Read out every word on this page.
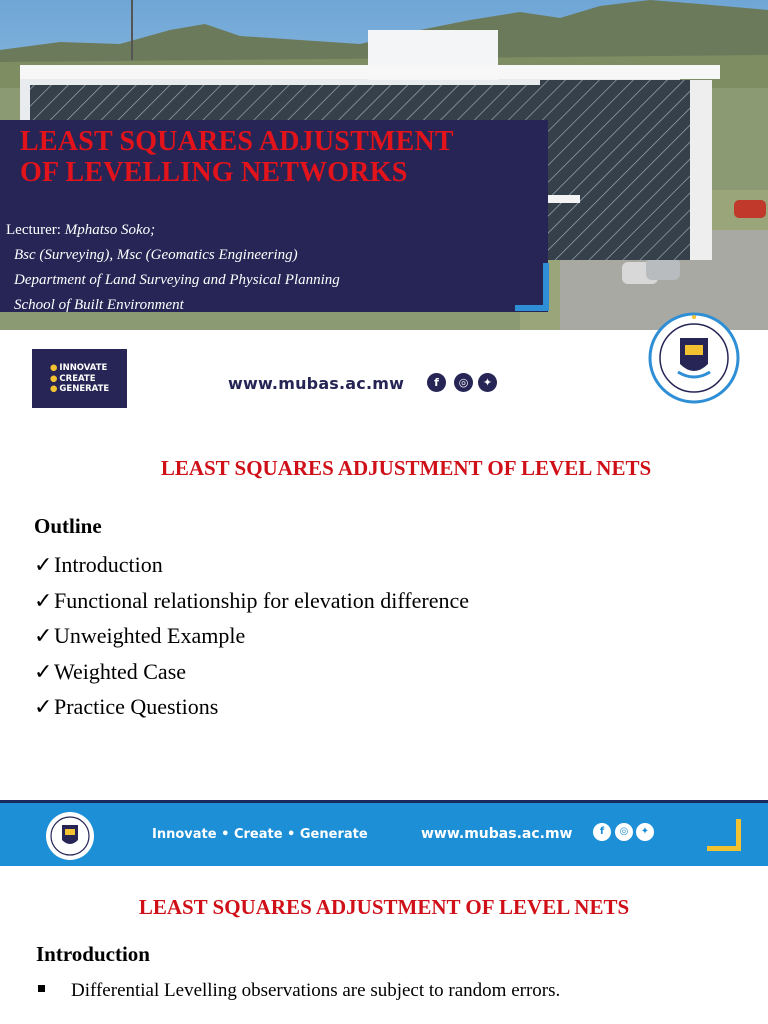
LEAST SQUARES ADJUSTMENT
OF LEVELLING NETWORKS
Lecturer: Mphatso Soko;
Bsc (Surveying), Msc (Geomatics Engineering)
Department of Land Surveying and Physical Planning
School of Built Environment
● INNOVATE
● CREATE
● GENERATE	www.mubas.ac.mw	f	◎	✦
LEAST SQUARES ADJUSTMENT OF LEVEL NETS
Outline
✓Introduction
✓Functional relationship for elevation difference
✓Unweighted Example
✓Weighted Case
✓Practice Questions
Innovate • Create • Generate	www.mubas.ac.mw	f	◎	✦
LEAST SQUARES ADJUSTMENT OF LEVEL NETS
Introduction
Differential Levelling observations are subject to random errors.
